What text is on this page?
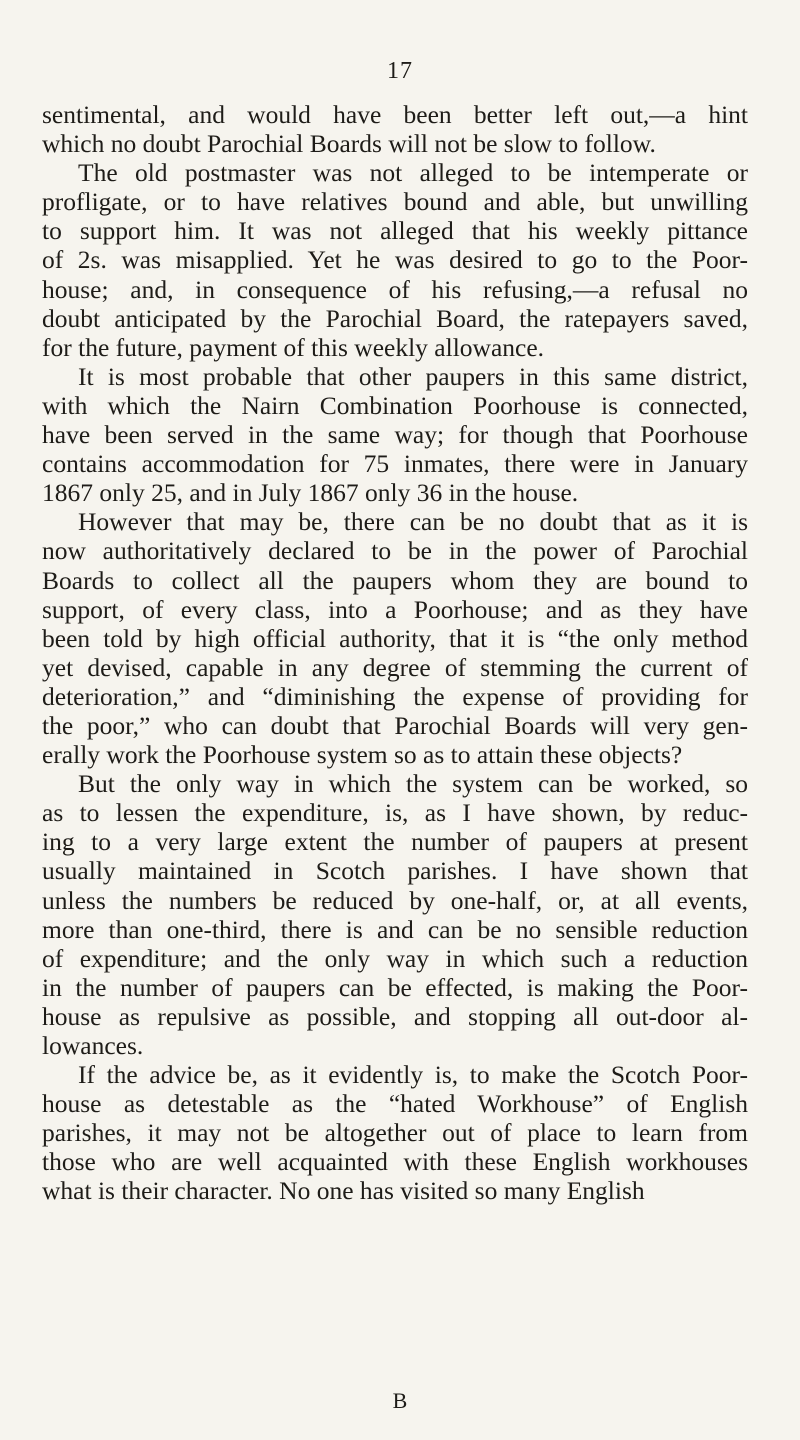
17
sentimental, and would have been better left out,—a hint
which no doubt Parochial Boards will not be slow to follow.
The old postmaster was not alleged to be intemperate or
profligate, or to have relatives bound and able, but unwilling
to support him. It was not alleged that his weekly pittance
of 2s. was misapplied. Yet he was desired to go to the Poor-
house; and, in consequence of his refusing,—a refusal no
doubt anticipated by the Parochial Board, the ratepayers saved,
for the future, payment of this weekly allowance.
It is most probable that other paupers in this same district,
with which the Nairn Combination Poorhouse is connected,
have been served in the same way; for though that Poorhouse
contains accommodation for 75 inmates, there were in January
1867 only 25, and in July 1867 only 36 in the house.
However that may be, there can be no doubt that as it is
now authoritatively declared to be in the power of Parochial
Boards to collect all the paupers whom they are bound to
support, of every class, into a Poorhouse; and as they have
been told by high official authority, that it is “the only method
yet devised, capable in any degree of stemming the current of
deterioration,” and “diminishing the expense of providing for
the poor,” who can doubt that Parochial Boards will very gen-
erally work the Poorhouse system so as to attain these objects?
But the only way in which the system can be worked, so
as to lessen the expenditure, is, as I have shown, by reduc-
ing to a very large extent the number of paupers at present
usually maintained in Scotch parishes. I have shown that
unless the numbers be reduced by one-half, or, at all events,
more than one-third, there is and can be no sensible reduction
of expenditure; and the only way in which such a reduction
in the number of paupers can be effected, is making the Poor-
house as repulsive as possible, and stopping all out-door al-
lowances.
If the advice be, as it evidently is, to make the Scotch Poor-
house as detestable as the “hated Workhouse” of English
parishes, it may not be altogether out of place to learn from
those who are well acquainted with these English workhouses
what is their character. No one has visited so many English
B
